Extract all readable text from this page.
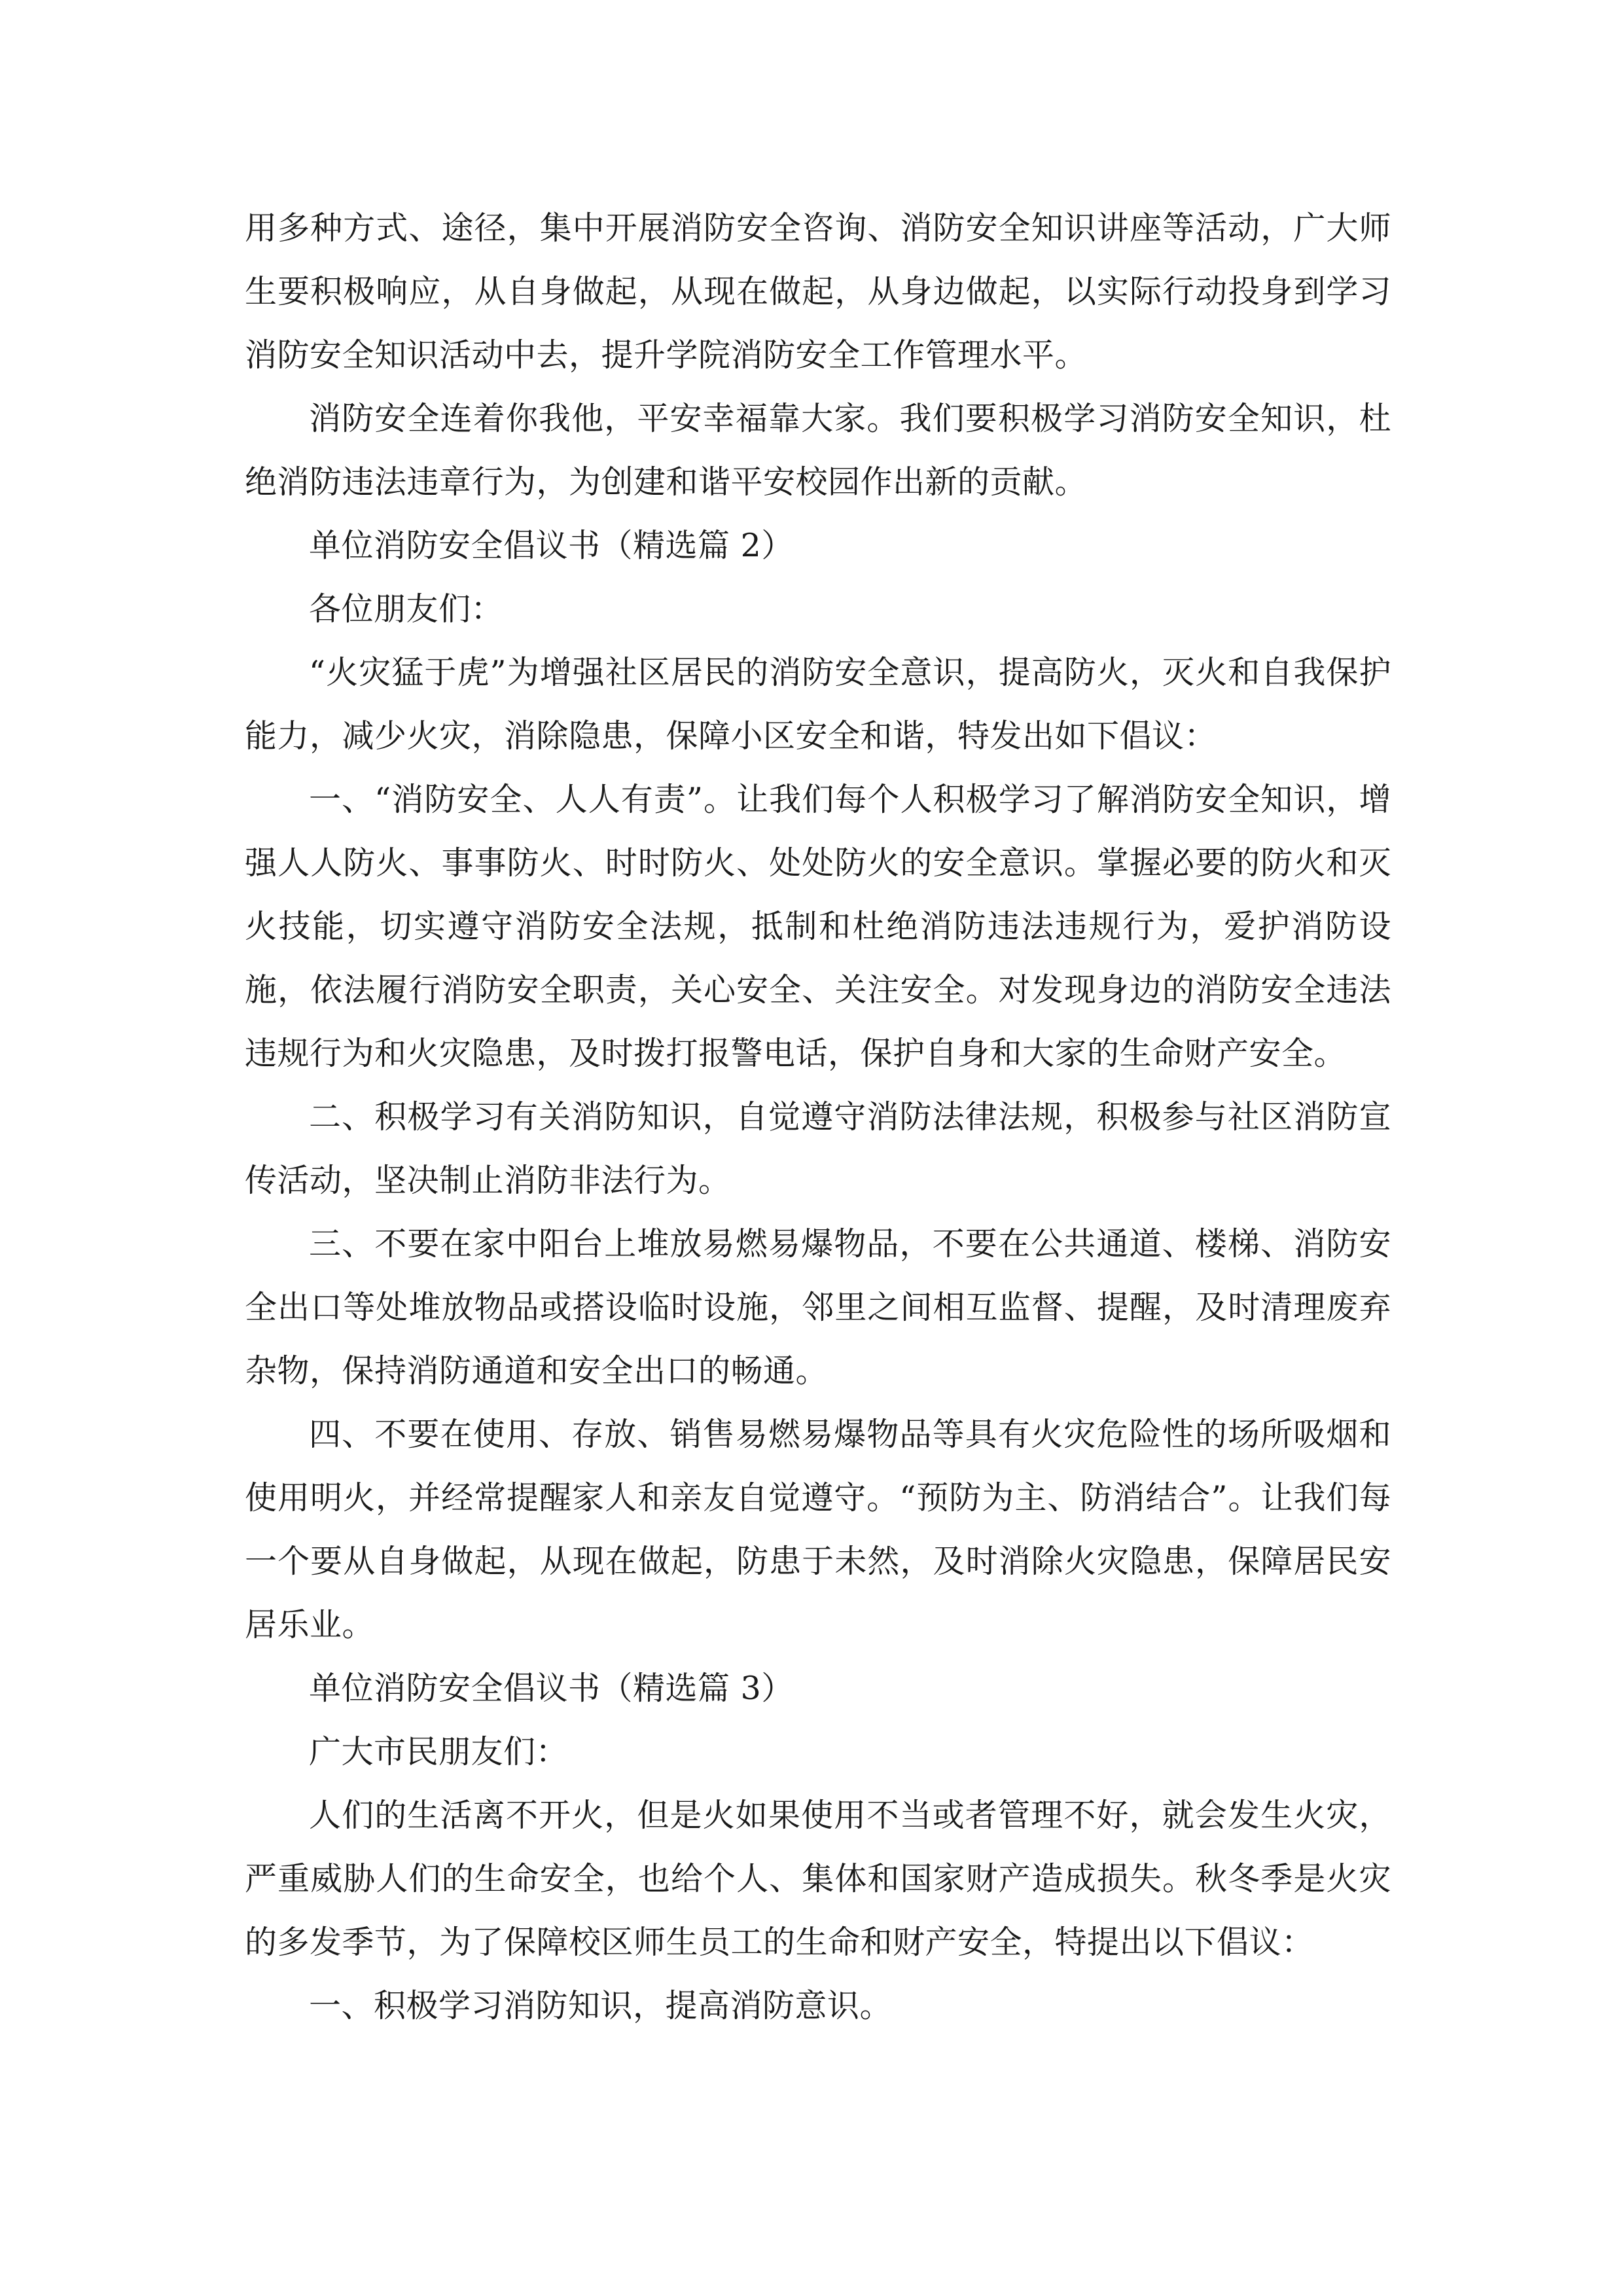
用多种方式、途径，集中开展消防安全咨询、消防安全知识讲座等活动，广大师生要积极响应，从自身做起，从现在做起，从身边做起，以实际行动投身到学习消防安全知识活动中去，提升学院消防安全工作管理水平。

消防安全连着你我他，平安幸福靠大家。我们要积极学习消防安全知识，杜绝消防违法违章行为，为创建和谐平安校园作出新的贡献。

单位消防安全倡议书（精选篇 2）

各位朋友们：

“火灾猛于虎”为增强社区居民的消防安全意识，提高防火，灭火和自我保护能力，减少火灾，消除隐患，保障小区安全和谐，特发出如下倡议：

一、“消防安全、人人有责”。让我们每个人积极学习了解消防安全知识，增强人人防火、事事防火、时时防火、处处防火的安全意识。掌握必要的防火和灭火技能，切实遵守消防安全法规，抵制和杜绝消防违法违规行为，爱护消防设施，依法履行消防安全职责，关心安全、关注安全。对发现身边的消防安全违法违规行为和火灾隐患，及时拨打报警电话，保护自身和大家的生命财产安全。

二、积极学习有关消防知识，自觉遵守消防法律法规，积极参与社区消防宣传活动，坚决制止消防非法行为。

三、不要在家中阳台上堆放易燃易爆物品，不要在公共通道、楼梯、消防安全出口等处堆放物品或搭设临时设施，邻里之间相互监督、提醒，及时清理废弃杂物，保持消防通道和安全出口的畅通。

四、不要在使用、存放、销售易燃易爆物品等具有火灾危险性的场所吸烟和使用明火，并经常提醒家人和亲友自觉遵守。“预防为主、防消结合”。让我们每一个要从自身做起，从现在做起，防患于未然，及时消除火灾隐患，保障居民安居乐业。

单位消防安全倡议书（精选篇 3）

广大市民朋友们：

人们的生活离不开火，但是火如果使用不当或者管理不好，就会发生火灾，严重威胁人们的生命安全，也给个人、集体和国家财产造成损失。秋冬季是火灾的多发季节，为了保障校区师生员工的生命和财产安全，特提出以下倡议：

一、积极学习消防知识，提高消防意识。
